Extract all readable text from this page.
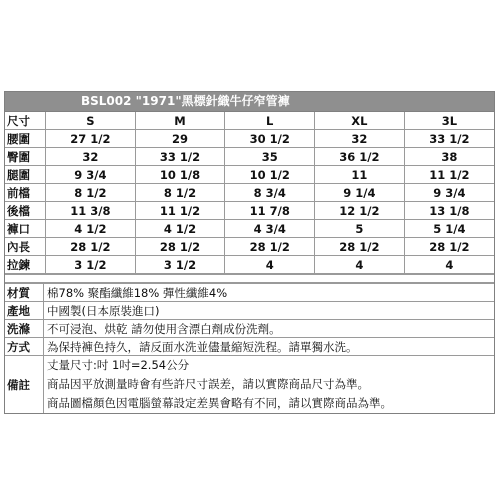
BSL002 "1971"黑標針織牛仔窄管褲
尺寸	S	M	L	XL	3L
腰圍	27 1/2	29	30 1/2	32	33 1/2
臀圍	32	33 1/2	35	36 1/2	38
腿圍	9 3/4	10 1/8	10 1/2	11	11 1/2
前檔	8 1/2	8 1/2	8 3/4	9 1/4	9 3/4
後檔	11 3/8	11 1/2	11 7/8	12 1/2	13 1/8
褲口	4 1/2	4 1/2	4 3/4	5	5 1/4
內長	28 1/2	28 1/2	28 1/2	28 1/2	28 1/2
拉鍊	3 1/2	3 1/2	4	4	4
材質	棉78% 聚酯纖維18% 彈性纖維4%
產地	中國製(日本原裝進口)
洗滌	不可浸泡、烘乾 請勿使用含漂白劑成份洗劑。
方式	為保持褲色持久，請反面水洗並儘量縮短洗程。請單獨水洗。
備註	丈量尺寸:吋 1吋=2.54公分
商品因平放測量時會有些許尺寸誤差，請以實際商品尺寸為準。
商品圖檔顏色因電腦螢幕設定差異會略有不同，請以實際商品為準。
